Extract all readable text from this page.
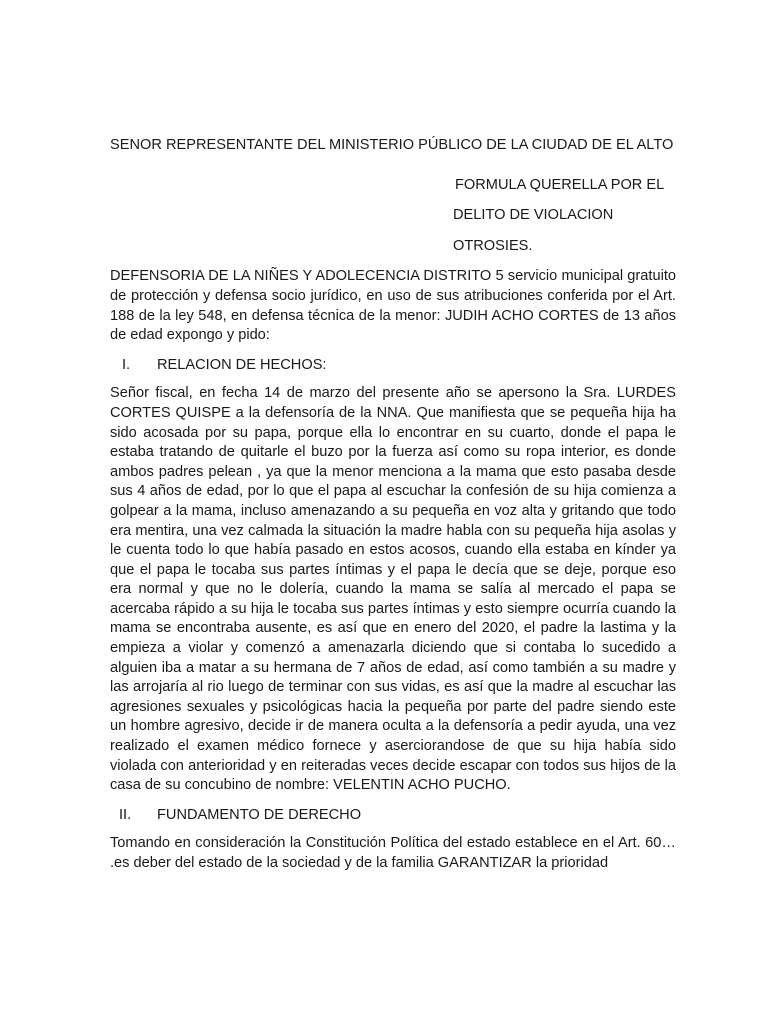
SENOR REPRESENTANTE DEL MINISTERIO PÚBLICO DE LA CIUDAD DE EL ALTO

FORMULA QUERELLA POR EL

DELITO DE VIOLACION

OTROSIES.

DEFENSORIA DE LA NIÑES Y ADOLECENCIA DISTRITO 5 servicio municipal gratuito de protección y defensa socio jurídico, en uso de sus atribuciones conferida por el Art. 188 de la ley 548, en defensa técnica de la menor: JUDIH ACHO CORTES de 13 años de edad expongo y pido:

I.	RELACION DE HECHOS:

Señor fiscal, en fecha 14 de marzo del presente año se apersono la Sra. LURDES CORTES QUISPE a la defensoría de la NNA. Que manifiesta que se pequeña hija ha sido acosada por su papa, porque ella lo encontrar en su cuarto, donde el papa le estaba tratando de quitarle el buzo por la fuerza así como su ropa interior, es donde ambos padres pelean , ya que la menor menciona a la mama que esto pasaba desde sus 4 años de edad, por lo que el papa al escuchar la confesión de su hija comienza a golpear a la mama, incluso amenazando a su pequeña en voz alta y gritando que todo era mentira, una vez calmada la situación la madre habla con su pequeña hija asolas y le cuenta todo lo que había pasado en estos acosos, cuando ella estaba en kínder ya que el papa le tocaba sus partes íntimas y el papa le decía que se deje, porque eso era normal y que no le dolería, cuando la mama se salía al mercado el papa se acercaba rápido a su hija le tocaba sus partes íntimas y esto siempre ocurría cuando la mama se encontraba ausente, es así que en enero del 2020, el padre la lastima y la empieza a violar y comenzó a amenazarla diciendo que si contaba lo sucedido a alguien iba a matar a su hermana de 7 años de edad, así como también a su madre y las arrojaría al rio luego de terminar con sus vidas, es así que la madre al escuchar las agresiones sexuales y psicológicas hacia la pequeña por parte del padre siendo este un hombre agresivo, decide ir de manera oculta a la defensoría a pedir ayuda, una vez realizado el examen médico fornece y aserciorandose de que su hija había sido violada con anterioridad y en reiteradas veces decide escapar con todos sus hijos de la casa de su concubino de nombre: VELENTIN ACHO PUCHO.

II.	FUNDAMENTO DE DERECHO

Tomando en consideración la Constitución Política del estado establece en el Art. 60… .es deber del estado de la sociedad y de la familia GARANTIZAR la prioridad
